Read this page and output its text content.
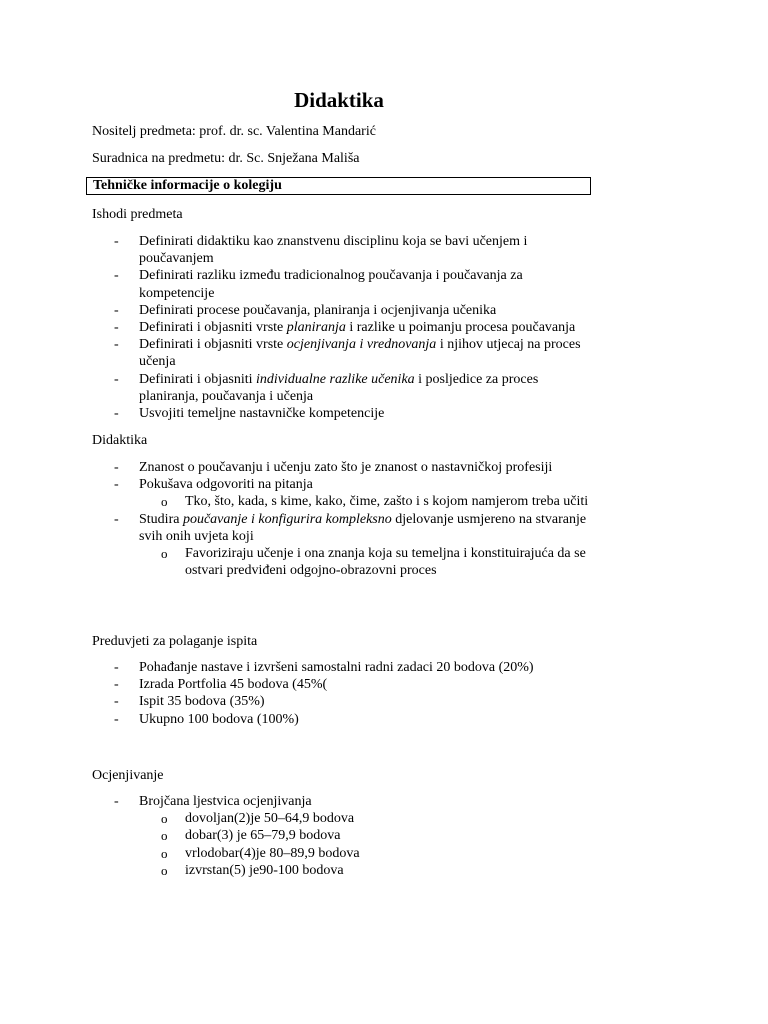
Didaktika
Nositelj predmeta: prof. dr. sc. Valentina Mandarić
Suradnica na predmetu: dr. Sc. Snježana Mališa
Tehničke informacije o kolegiju
Ishodi predmeta
- Definirati didaktiku kao znanstvenu disciplinu koja se bavi učenjem i poučavanjem
- Definirati razliku između tradicionalnog poučavanja i poučavanja za kompetencije
- Definirati procese poučavanja, planiranja i ocjenjivanja učenika
- Definirati i objasniti vrste planiranja i razlike u poimanju procesa poučavanja
- Definirati i objasniti vrste ocjenjivanja i vrednovanja i njihov utjecaj na proces učenja
- Definirati i objasniti individualne razlike učenika i posljedice za proces planiranja, poučavanja i učenja
- Usvojiti temeljne nastavničke kompetencije
Didaktika
- Znanost o poučavanju i učenju zato što je znanost o nastavničkoj profesiji
- Pokušava odgovoriti na pitanja
o Tko, što, kada, s kime, kako, čime, zašto i s kojom namjerom treba učiti
- Studira poučavanje i konfigurira kompleksno djelovanje usmjereno na stvaranje svih onih uvjeta koji
o Favoriziraju učenje i ona znanja koja su temeljna i konstituirajuća da se ostvari predviđeni odgojno-obrazovni proces
Preduvjeti za polaganje ispita
- Pohađanje nastave i izvršeni samostalni radni zadaci 20 bodova (20%)
- Izrada Portfolia 45 bodova (45%(
- Ispit 35 bodova (35%)
- Ukupno 100 bodova (100%)
Ocjenjivanje
- Brojčana ljestvica ocjenjivanja
o dovoljan(2)je 50–64,9 bodova
o dobar(3) je 65–79,9 bodova
o vrlodobar(4)je 80–89,9 bodova
o izvrstan(5) je90-100 bodova
